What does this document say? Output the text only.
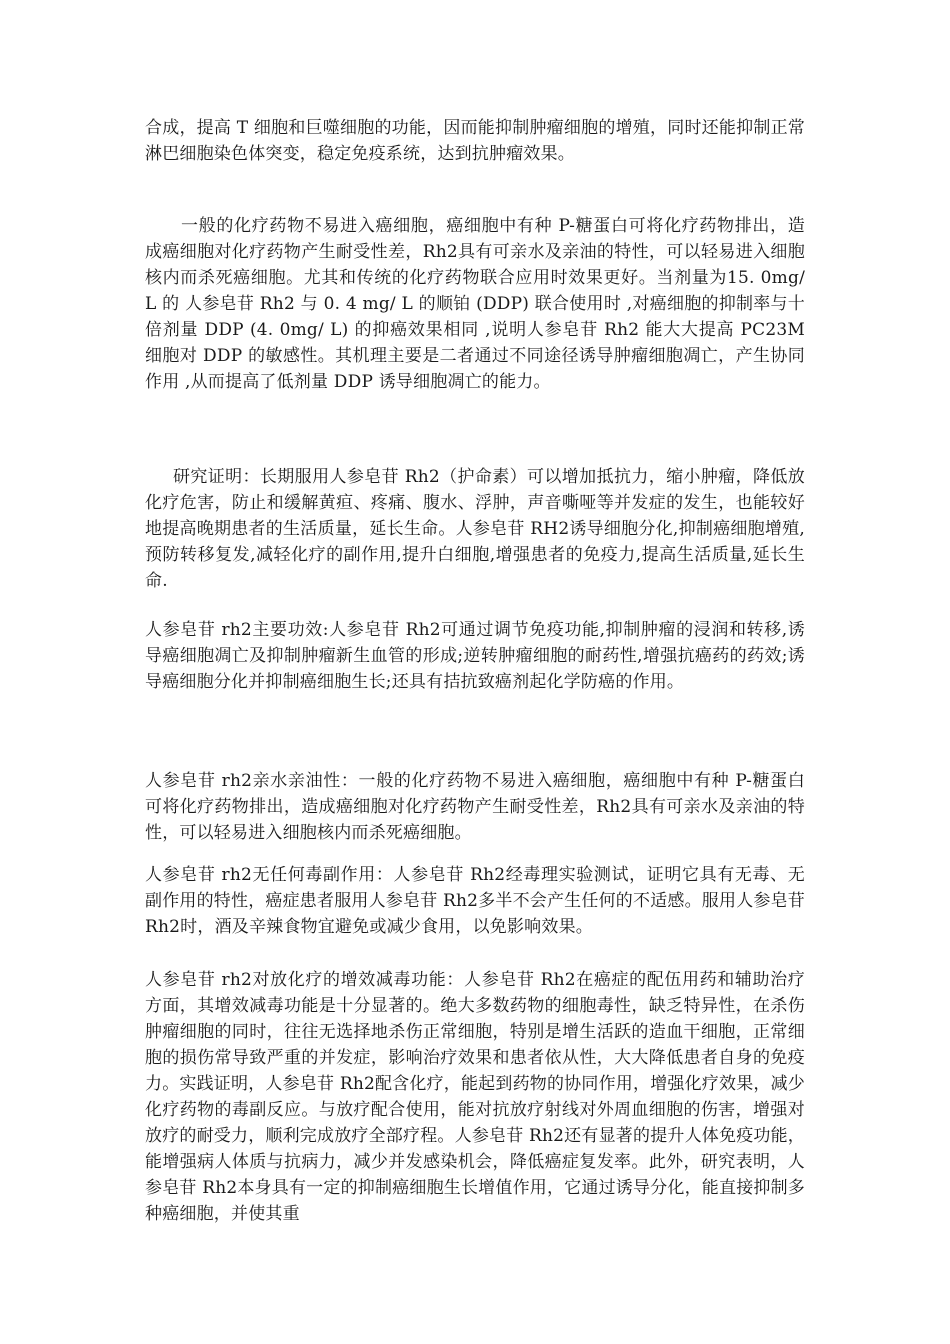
合成，提高 T 细胞和巨噬细胞的功能，因而能抑制肿瘤细胞的增殖，同时还能抑制正常淋巴细胞染色体突变，稳定免疫系统，达到抗肿瘤效果。

一般的化疗药物不易进入癌细胞，癌细胞中有种 P-糖蛋白可将化疗药物排出，造成癌细胞对化疗药物产生耐受性差，Rh2具有可亲水及亲油的特性，可以轻易进入细胞核内而杀死癌细胞。尤其和传统的化疗药物联合应用时效果更好。当剂量为15. 0mg/ L 的 人参皂苷 Rh2 与 0. 4 mg/ L 的顺铂 (DDP) 联合使用时 ,对癌细胞的抑制率与十倍剂量 DDP (4. 0mg/ L) 的抑癌效果相同 ,说明人参皂苷 Rh2 能大大提高 PC23M 细胞对 DDP 的敏感性。其机理主要是二者通过不同途径诱导肿瘤细胞凋亡，产生协同作用 ,从而提高了低剂量 DDP 诱导细胞凋亡的能力。

研究证明：长期服用人参皂苷 Rh2（护命素）可以增加抵抗力，缩小肿瘤，降低放化疗危害，防止和缓解黄疸、疼痛、腹水、浮肿，声音嘶哑等并发症的发生，也能较好地提高晚期患者的生活质量，延长生命。人参皂苷 RH2诱导细胞分化,抑制癌细胞增殖,预防转移复发,减轻化疗的副作用,提升白细胞,增强患者的免疫力,提高生活质量,延长生命.

人参皂苷 rh2主要功效:人参皂苷 Rh2可通过调节免疫功能,抑制肿瘤的浸润和转移,诱导癌细胞凋亡及抑制肿瘤新生血管的形成;逆转肿瘤细胞的耐药性,增强抗癌药的药效;诱导癌细胞分化并抑制癌细胞生长;还具有拮抗致癌剂起化学防癌的作用。

人参皂苷 rh2亲水亲油性：一般的化疗药物不易进入癌细胞，癌细胞中有种 P-糖蛋白可将化疗药物排出，造成癌细胞对化疗药物产生耐受性差，Rh2具有可亲水及亲油的特性，可以轻易进入细胞核内而杀死癌细胞。

人参皂苷 rh2无任何毒副作用：人参皂苷 Rh2经毒理实验测试，证明它具有无毒、无副作用的特性，癌症患者服用人参皂苷 Rh2多半不会产生任何的不适感。服用人参皂苷 Rh2时，酒及辛辣食物宜避免或减少食用，以免影响效果。

人参皂苷 rh2对放化疗的增效减毒功能：人参皂苷 Rh2在癌症的配伍用药和辅助治疗方面，其增效减毒功能是十分显著的。绝大多数药物的细胞毒性，缺乏特异性，在杀伤肿瘤细胞的同时，往往无选择地杀伤正常细胞，特别是增生活跃的造血干细胞，正常细胞的损伤常导致严重的并发症，影响治疗效果和患者依从性，大大降低患者自身的免疫力。实践证明，人参皂苷 Rh2配含化疗，能起到药物的协同作用，增强化疗效果，减少化疗药物的毒副反应。与放疗配合使用，能对抗放疗射线对外周血细胞的伤害，增强对放疗的耐受力，顺利完成放疗全部疗程。人参皂苷 Rh2还有显著的提升人体免疫功能，能增强病人体质与抗病力，减少并发感染机会，降低癌症复发率。此外，研究表明，人参皂苷 Rh2本身具有一定的抑制癌细胞生长增值作用，它通过诱导分化，能直接抑制多种癌细胞，并使其重
